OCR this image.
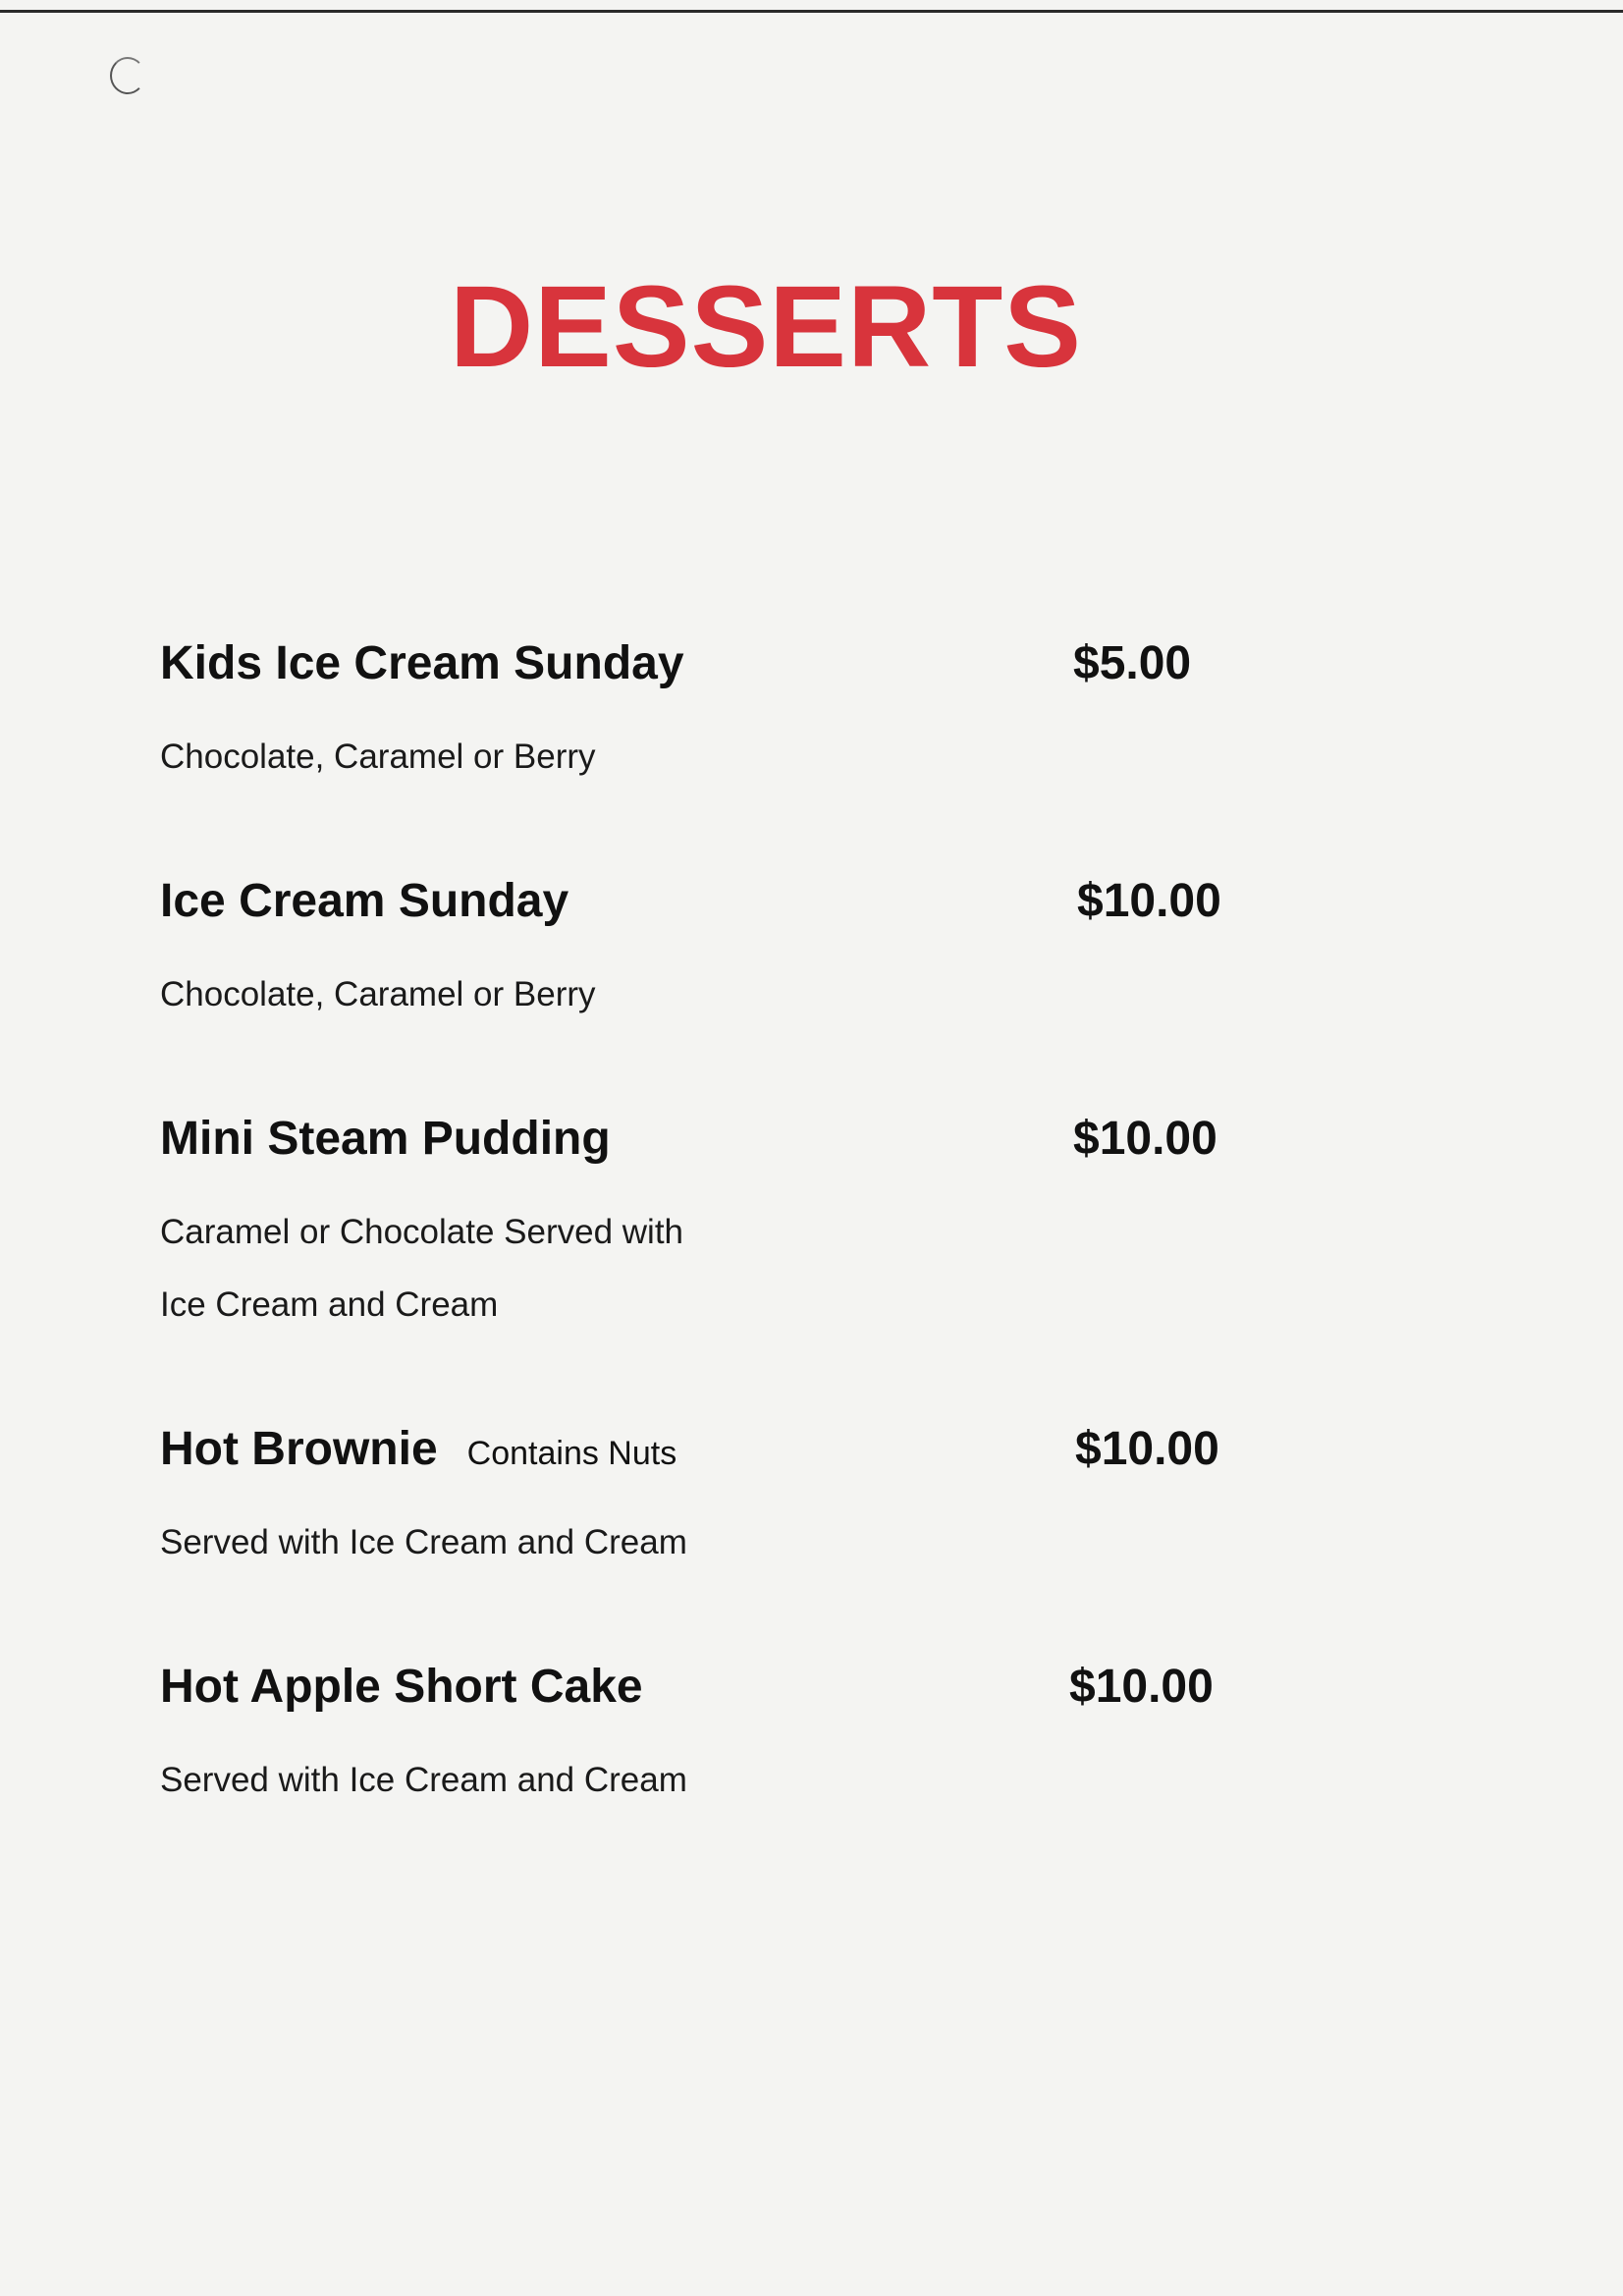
DESSERTS
Kids Ice Cream Sunday	$5.00
Chocolate, Caramel or Berry
Ice Cream Sunday	$10.00
Chocolate, Caramel or Berry
Mini Steam Pudding	$10.00
Caramel or Chocolate Served with
Ice Cream and Cream
Hot Brownie Contains Nuts	$10.00
Served with Ice Cream and Cream
Hot Apple Short Cake	$10.00
Served with Ice Cream and Cream
